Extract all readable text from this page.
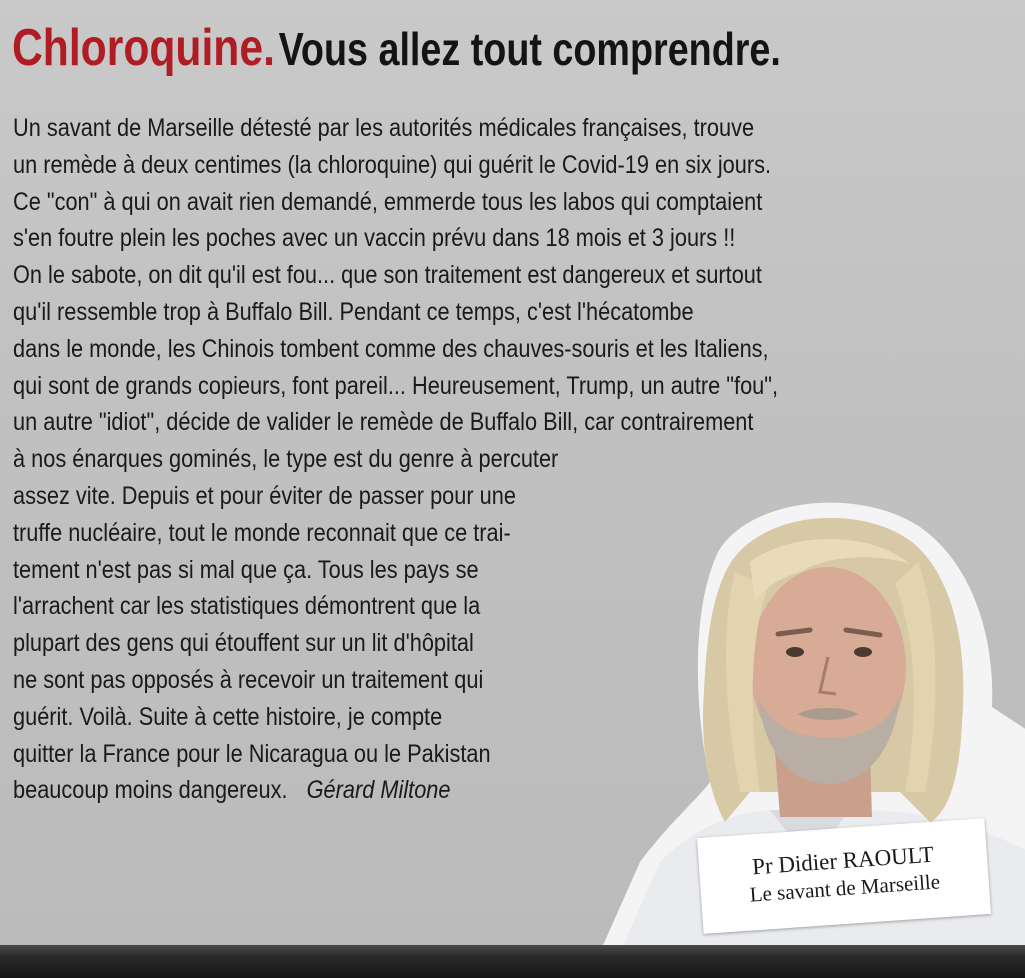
Chloroquine. Vous allez tout comprendre.
Un savant de Marseille détesté par les autorités médicales françaises, trouve
un remède à deux centimes (la chloroquine) qui guérit le Covid-19 en six jours.
Ce "con" à qui on avait rien demandé, emmerde tous les labos qui comptaient
s'en foutre plein les poches avec un vaccin prévu dans 18 mois et 3 jours !!
On le sabote, on dit qu'il est fou... que son traitement est dangereux et surtout
qu'il ressemble trop à Buffalo Bill. Pendant ce temps, c'est l'hécatombe
dans le monde, les Chinois tombent comme des chauves-souris et les Italiens,
qui sont de grands copieurs, font pareil... Heureusement, Trump, un autre "fou",
un autre "idiot", décide de valider le remède de Buffalo Bill, car contrairement
à nos énarques gominés, le type est du genre à percuter
assez vite. Depuis et pour éviter de passer pour une
truffe nucléaire, tout le monde reconnait que ce trai-
tement n'est pas si mal que ça. Tous les pays se
l'arrachent car les statistiques démontrent que la
plupart des gens qui étouffent sur un lit d'hôpital
ne sont pas opposés à recevoir un traitement qui
guérit. Voilà. Suite à cette histoire, je compte
quitter la France pour le Nicaragua ou le Pakistan
beaucoup moins dangereux. Gérard Miltone
Pr Didier RAOULT
Le savant de Marseille
